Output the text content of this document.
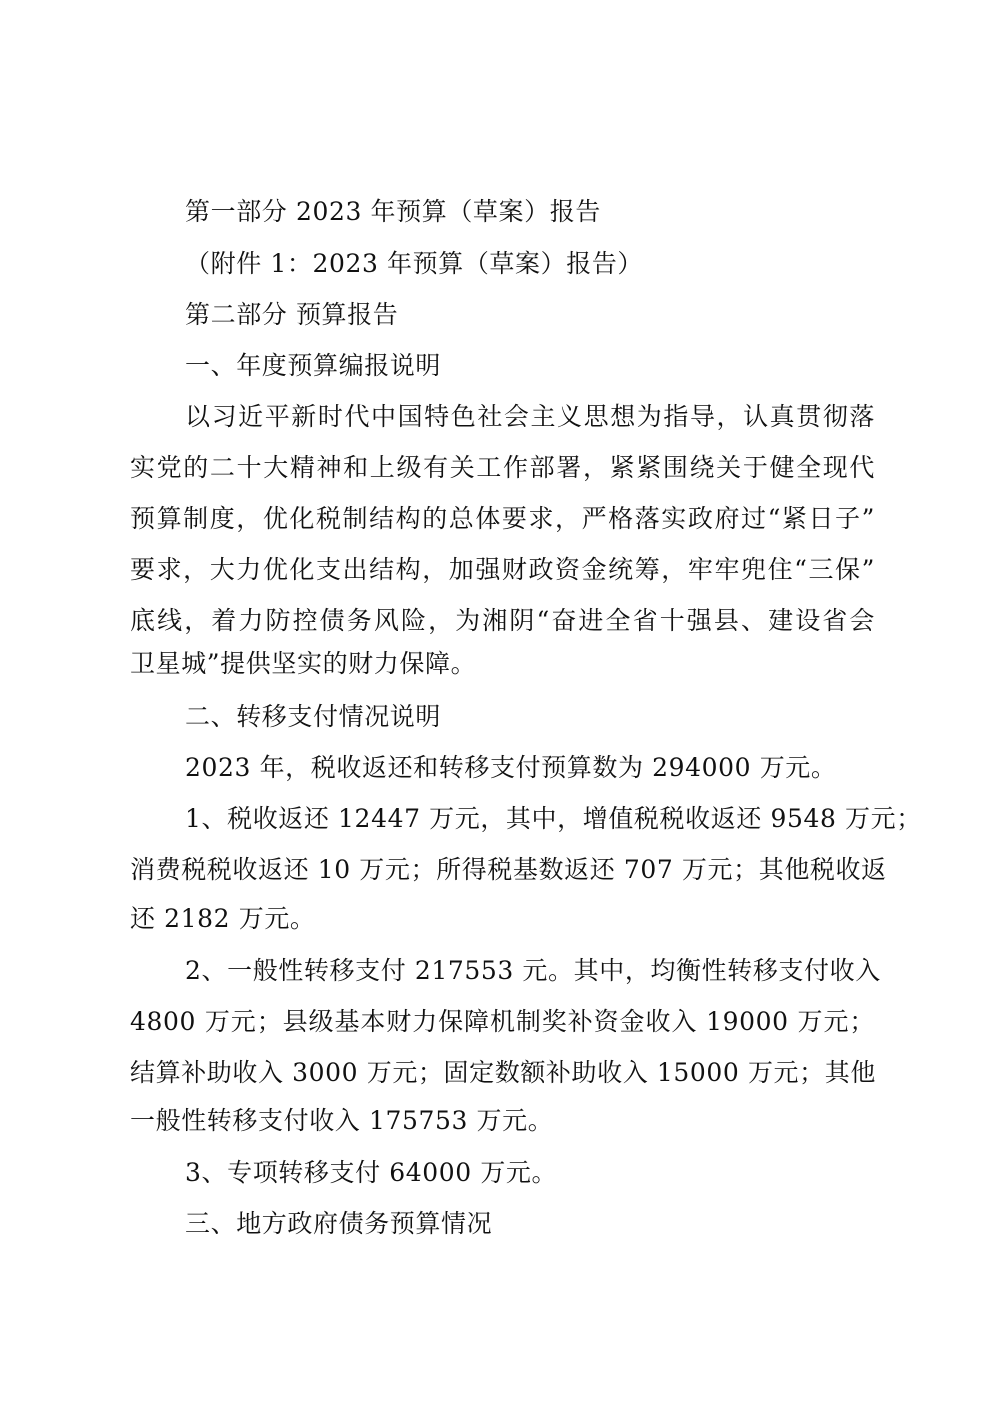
第一部分 2023 年预算（草案）报告
（附件 1：2023 年预算（草案）报告）
第二部分 预算报告
一、年度预算编报说明
以习近平新时代中国特色社会主义思想为指导，认真贯彻落
实党的二十大精神和上级有关工作部署，紧紧围绕关于健全现代
预算制度，优化税制结构的总体要求，严格落实政府过“紧日子”
要求，大力优化支出结构，加强财政资金统筹，牢牢兜住“三保”
底线，着力防控债务风险，为湘阴“奋进全省十强县、建设省会
卫星城”提供坚实的财力保障。
二、转移支付情况说明
2023 年，税收返还和转移支付预算数为 294000 万元。
1、税收返还 12447 万元，其中，增值税税收返还 9548 万元；
消费税税收返还 10 万元；所得税基数返还 707 万元；其他税收返
还 2182 万元。
2、一般性转移支付 217553 元。其中，均衡性转移支付收入
4800 万元；县级基本财力保障机制奖补资金收入 19000 万元；
结算补助收入 3000 万元；固定数额补助收入 15000 万元；其他
一般性转移支付收入 175753 万元。
3、专项转移支付 64000 万元。
三、地方政府债务预算情况
